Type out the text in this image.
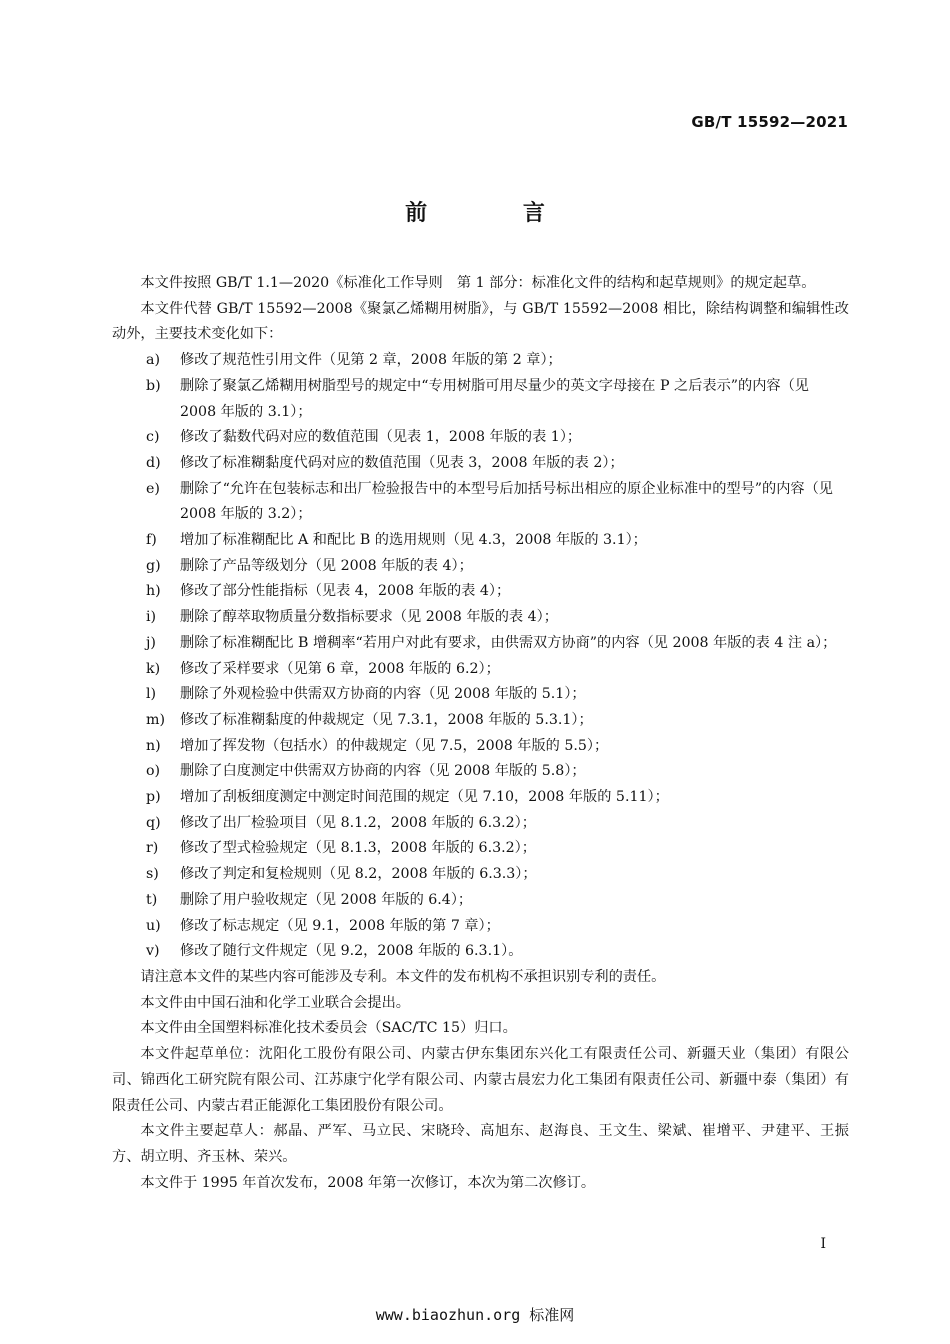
GB/T 15592—2021
前 言

本文件按照 GB/T 1.1—2020《标准化工作导则　第 1 部分：标准化文件的结构和起草规则》的规定起草。

本文件代替 GB/T 15592—2008《聚氯乙烯糊用树脂》，与 GB/T 15592—2008 相比，除结构调整和编辑性改动外，主要技术变化如下：

a)	修改了规范性引用文件（见第 2 章，2008 年版的第 2 章）；
b)	删除了聚氯乙烯糊用树脂型号的规定中“专用树脂可用尽量少的英文字母接在 P 之后表示”的内容（见 2008 年版的 3.1）；
c)	修改了黏数代码对应的数值范围（见表 1，2008 年版的表 1）；
d)	修改了标准糊黏度代码对应的数值范围（见表 3，2008 年版的表 2）；
e)	删除了“允许在包装标志和出厂检验报告中的本型号后加括号标出相应的原企业标准中的型号”的内容（见 2008 年版的 3.2）；
f)	增加了标准糊配比 A 和配比 B 的选用规则（见 4.3，2008 年版的 3.1）；
g)	删除了产品等级划分（见 2008 年版的表 4）；
h)	修改了部分性能指标（见表 4，2008 年版的表 4）；
i)	删除了醇萃取物质量分数指标要求（见 2008 年版的表 4）；
j)	删除了标准糊配比 B 增稠率“若用户对此有要求，由供需双方协商”的内容（见 2008 年版的表 4 注 a）；
k)	修改了采样要求（见第 6 章，2008 年版的 6.2）；
l)	删除了外观检验中供需双方协商的内容（见 2008 年版的 5.1）；
m)	修改了标准糊黏度的仲裁规定（见 7.3.1，2008 年版的 5.3.1）；
n)	增加了挥发物（包括水）的仲裁规定（见 7.5，2008 年版的 5.5）；
o)	删除了白度测定中供需双方协商的内容（见 2008 年版的 5.8）；
p)	增加了刮板细度测定中测定时间范围的规定（见 7.10，2008 年版的 5.11）；
q)	修改了出厂检验项目（见 8.1.2，2008 年版的 6.3.2）；
r)	修改了型式检验规定（见 8.1.3，2008 年版的 6.3.2）；
s)	修改了判定和复检规则（见 8.2，2008 年版的 6.3.3）；
t)	删除了用户验收规定（见 2008 年版的 6.4）；
u)	修改了标志规定（见 9.1，2008 年版的第 7 章）；
v)	修改了随行文件规定（见 9.2，2008 年版的 6.3.1）。

请注意本文件的某些内容可能涉及专利。本文件的发布机构不承担识别专利的责任。

本文件由中国石油和化学工业联合会提出。

本文件由全国塑料标准化技术委员会（SAC/TC 15）归口。

本文件起草单位：沈阳化工股份有限公司、内蒙古伊东集团东兴化工有限责任公司、新疆天业（集团）有限公司、锦西化工研究院有限公司、江苏康宁化学有限公司、内蒙古晨宏力化工集团有限责任公司、新疆中泰（集团）有限责任公司、内蒙古君正能源化工集团股份有限公司。

本文件主要起草人：郝晶、严军、马立民、宋晓玲、高旭东、赵海良、王文生、梁斌、崔增平、尹建平、王振方、胡立明、齐玉林、荣兴。

本文件于 1995 年首次发布，2008 年第一次修订，本次为第二次修订。

I
www.biaozhun.org 标准网
